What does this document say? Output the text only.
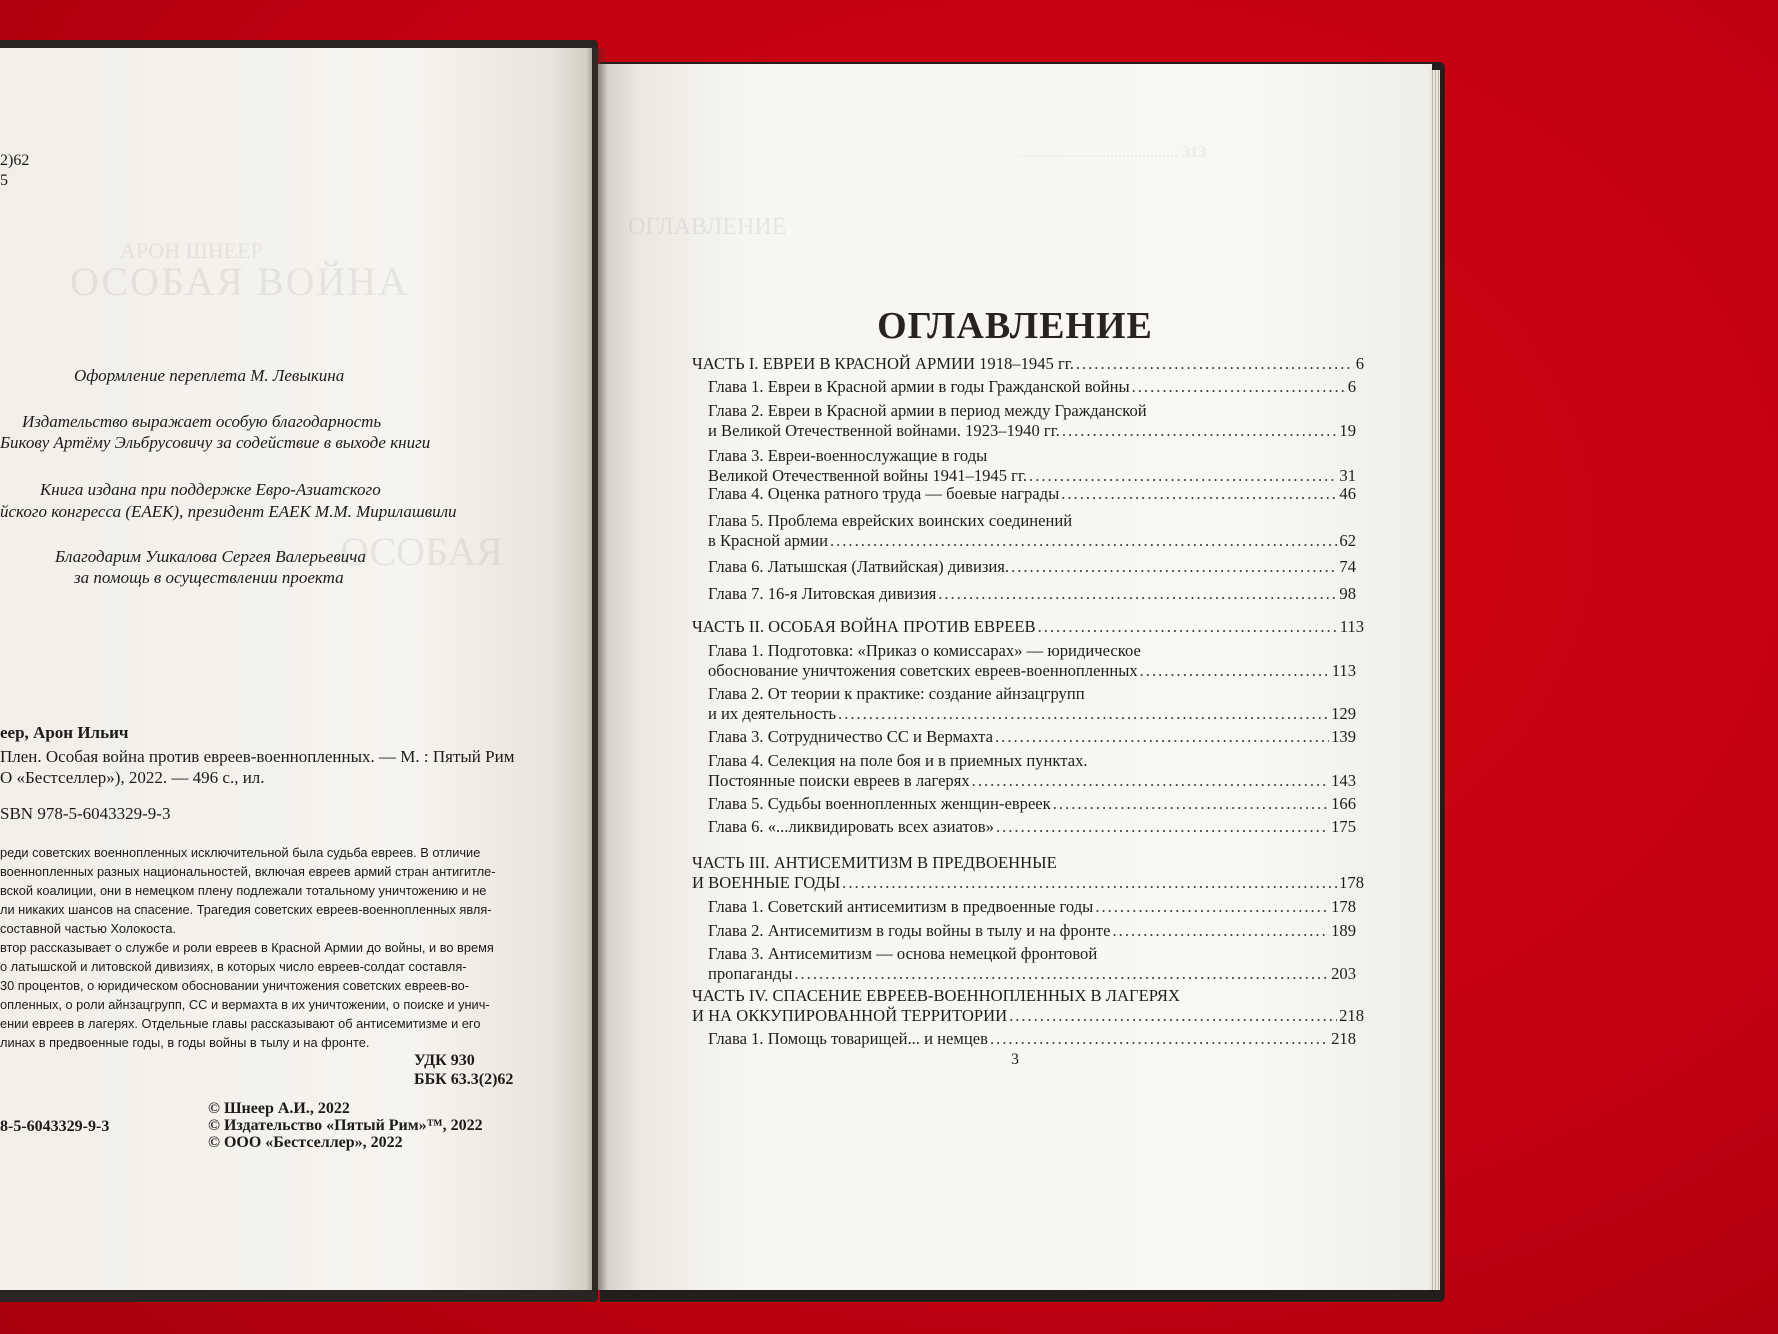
ОСОБАЯ ВОЙНА
АРОН ШНЕЕР
ОСОБАЯ
2)62
5
Оформление переплета М. Левыкина
Издательство выражает особую благодарность
Бикову Артёму Эльбрусовичу за содействие в выходе книги
Книга издана при поддержке Евро-Азиатского
йского конгресса (ЕАЕК), президент ЕАЕК М.М. Мирилашвили
Благодарим Ушкалова Сергея Валерьевича
за помощь в осуществлении проекта
еер, Арон Ильич
Плен. Особая война против евреев-военнопленных. — М. : Пятый Рим
О «Бестселлер»), 2022. — 496 с., ил.
SBN 978-5-6043329-9-3
реди советских военнопленных исключительной была судьба евреев. В отличие
военнопленных разных национальностей, включая евреев армий стран антигитле-
вской коалиции, они в немецком плену подлежали тотальному уничтожению и не
ли никаких шансов на спасение. Трагедия советских евреев-военнопленных явля-
составной частью Холокоста.
втор рассказывает о службе и роли евреев в Красной Армии до войны, и во время
о латышской и литовской дивизиях, в которых число евреев-солдат составля-
30 процентов, о юридическом обосновании уничтожения советских евреев-во-
опленных, о роли айнзацгрупп, СС и вермахта в их уничтожении, о поиске и унич-
ении евреев в лагерях. Отдельные главы рассказывают об антисемитизме и его
линах в предвоенные годы, в годы войны в тылу и на фронте.
УДК 930
ББК 63.3(2)62
8-5-6043329-9-3
© Шнеер А.И., 2022
© Издательство «Пятый Рим»™, 2022
© ООО «Бестселлер», 2022
ОГЛАВЛЕНИЕ
........................................ 313
ОГЛАВЛЕНИЕ
ЧАСТЬ I. ЕВРЕИ В КРАСНОЙ АРМИИ 1918–1945 гг. .....	6
Глава 1. Евреи в Красной армии в годы Гражданской войны .....	6
Глава 2. Евреи в Красной армии в период между Гражданской
и Великой Отечественной войнами. 1923–1940 гг. .....	19
Глава 3. Евреи-военнослужащие в годы
Великой Отечественной войны 1941–1945 гг. .....	31
Глава 4. Оценка ратного труда — боевые награды .....	46
Глава 5. Проблема еврейских воинских соединений
в Красной армии .....	62
Глава 6. Латышская (Латвийская) дивизия. .....	74
Глава 7. 16-я Литовская дивизия .....	98
ЧАСТЬ II. ОСОБАЯ ВОЙНА ПРОТИВ ЕВРЕЕВ .....	113
Глава 1. Подготовка: «Приказ о комиссарах» — юридическое
обоснование уничтожения советских евреев-военнопленных .....	113
Глава 2. От теории к практике: создание айнзацгрупп
и их деятельность .....	129
Глава 3. Сотрудничество СС и Вермахта .....	139
Глава 4. Селекция на поле боя и в приемных пунктах.
Постоянные поиски евреев в лагерях .....	143
Глава 5. Судьбы военнопленных женщин-евреек .....	166
Глава 6. «...ликвидировать всех азиатов» .....	175
ЧАСТЬ III. АНТИСЕМИТИЗМ В ПРЕДВОЕННЫЕ
И ВОЕННЫЕ ГОДЫ .....	178
Глава 1. Советский антисемитизм в предвоенные годы .....	178
Глава 2. Антисемитизм в годы войны в тылу и на фронте .....	189
Глава 3. Антисемитизм — основа немецкой фронтовой
пропаганды .....	203
ЧАСТЬ IV. СПАСЕНИЕ ЕВРЕЕВ-ВОЕННОПЛЕННЫХ В ЛАГЕРЯХ
И НА ОККУПИРОВАННОЙ ТЕРРИТОРИИ .....	218
Глава 1. Помощь товарищей... и немцев .....	218
3
